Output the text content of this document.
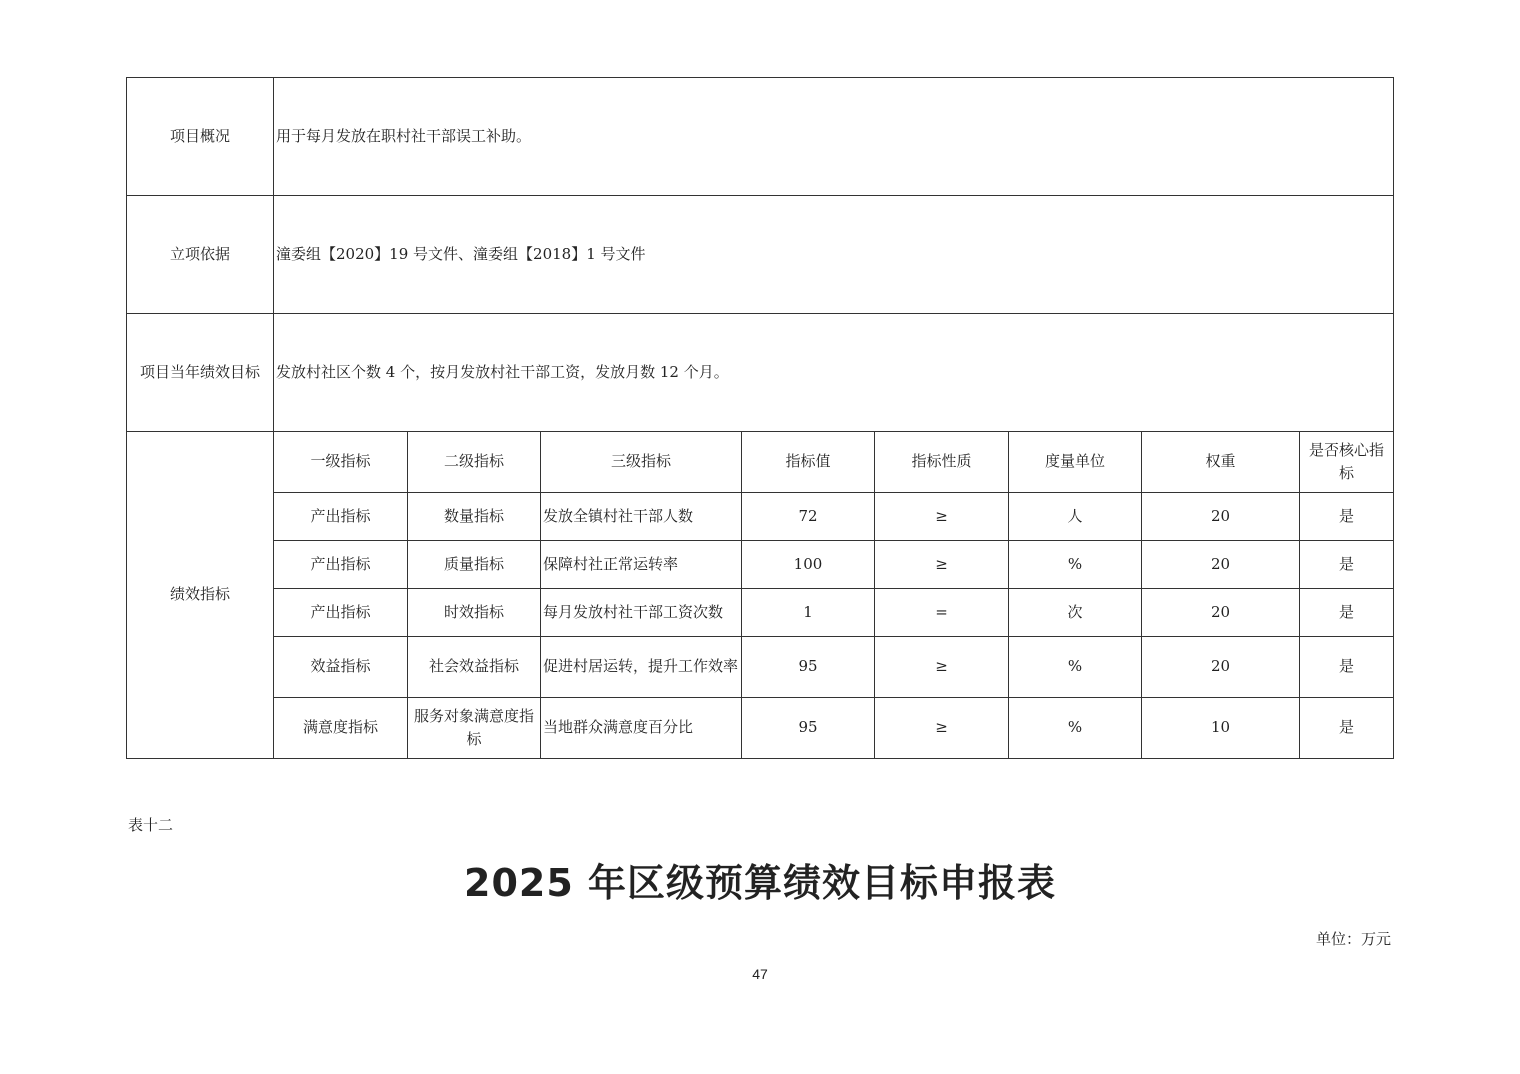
项目概况	用于每月发放在职村社干部误工补助。							
立项依据	潼委组【2020】19 号文件、潼委组【2018】1 号文件							
项目当年绩效目标	发放村社区个数 4 个，按月发放村社干部工资，发放月数 12 个月。							
绩效指标	一级指标	二级指标	三级指标	指标值	指标性质	度量单位	权重	是否核心指标
	产出指标	数量指标	发放全镇村社干部人数	72	≥	人	20	是
	产出指标	质量指标	保障村社正常运转率	100	≥	%	20	是
	产出指标	时效指标	每月发放村社干部工资次数	1	=	次	20	是
	效益指标	社会效益指标	促进村居运转，提升工作效率	95	≥	%	20	是
	满意度指标	服务对象满意度指标	当地群众满意度百分比	95	≥	%	10	是
表十二
2025 年区级预算绩效目标申报表
单位：万元
47
